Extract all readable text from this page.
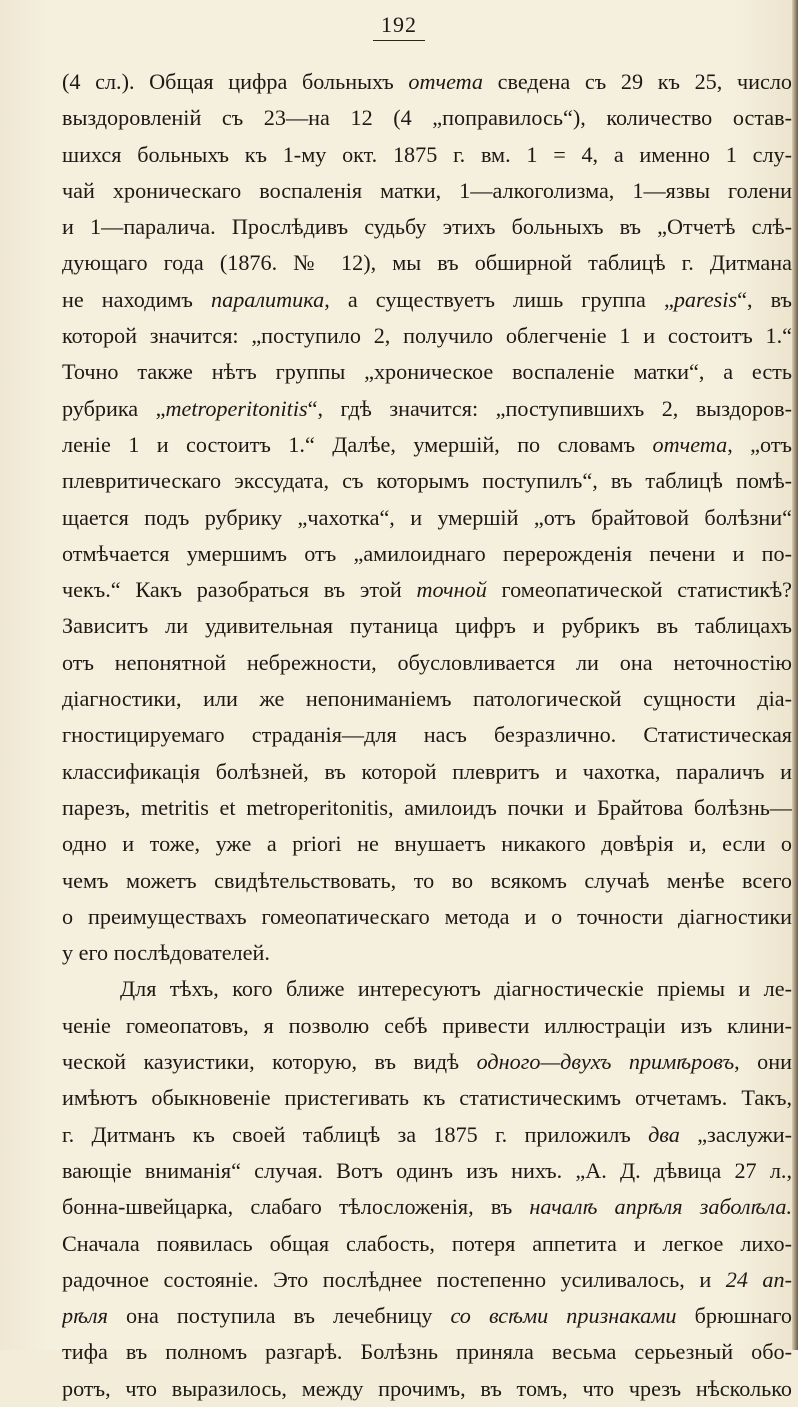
192
(4 сл.). Общая цифра больныхъ отчета сведена съ 29 къ 25, число
выздоровленій съ 23—на 12 (4 „поправилось“), количество остав-
шихся больныхъ къ 1-му окт. 1875 г. вм. 1 = 4, а именно 1 слу-
чай хроническаго воспаленія матки, 1—алкоголизма, 1—язвы голени
и 1—паралича. Прослѣдивъ судьбу этихъ больныхъ въ „Отчетѣ слѣ-
дующаго года (1876. № 12), мы въ обширной таблицѣ г. Дитмана
не находимъ паралитика, а существуетъ лишь группа „paresis“, въ
которой значится: „поступило 2, получило облегченіе 1 и состоитъ 1.“
Точно также нѣтъ группы „хроническое воспаленіе матки“, а есть
рубрика „metroperitonitis“, гдѣ значится: „поступившихъ 2, выздоров-
леніе 1 и состоитъ 1.“ Далѣе, умершій, по словамъ отчета, „отъ
плевритическаго экссудата, съ которымъ поступилъ“, въ таблицѣ помѣ-
щается подъ рубрику „чахотка“, и умершій „отъ брайтовой болѣзни“
отмѣчается умершимъ отъ „амилоиднаго перерожденія печени и по-
чекъ.“ Какъ разобраться въ этой точной гомеопатической статистикѣ?
Зависитъ ли удивительная путаница цифръ и рубрикъ въ таблицахъ
отъ непонятной небрежности, обусловливается ли она неточностію
діагностики, или же непониманіемъ патологической сущности діа-
гностицируемаго страданія—для насъ безразлично. Статистическая
классификація болѣзней, въ которой плевритъ и чахотка, параличъ и
парезъ, metritis et metroperitonitis, амилоидъ почки и Брайтова болѣзнь—
одно и тоже, уже а priori не внушаетъ никакого довѣрія и, если о
чемъ можетъ свидѣтельствовать, то во всякомъ случаѣ менѣе всего
о преимуществахъ гомеопатическаго метода и о точности діагностики
у его послѣдователей.
Для тѣхъ, кого ближе интересуютъ діагностическіе пріемы и ле-
ченіе гомеопатовъ, я позволю себѣ привести иллюстраціи изъ клини-
ческой казуистики, которую, въ видѣ одного—двухъ примѣровъ, они
имѣютъ обыкновеніе пристегивать къ статистическимъ отчетамъ. Такъ,
г. Дитманъ къ своей таблицѣ за 1875 г. приложилъ два „заслужи-
вающіе вниманія“ случая. Вотъ одинъ изъ нихъ. „А. Д. дѣвица 27 л.,
бонна-швейцарка, слабаго тѣлосложенія, въ началѣ апрѣля заболѣла.
Сначала появилась общая слабость, потеря аппетита и легкое лихо-
радочное состояніе. Это послѣднее постепенно усиливалось, и 24 ап-
рѣля она поступила въ лечебницу со всѣми признаками брюшнаго
тифа въ полномъ разгарѣ. Болѣзнь приняла весьма серьезный обо-
ротъ, что выразилось, между прочимъ, въ томъ, что чрезъ нѣсколько
